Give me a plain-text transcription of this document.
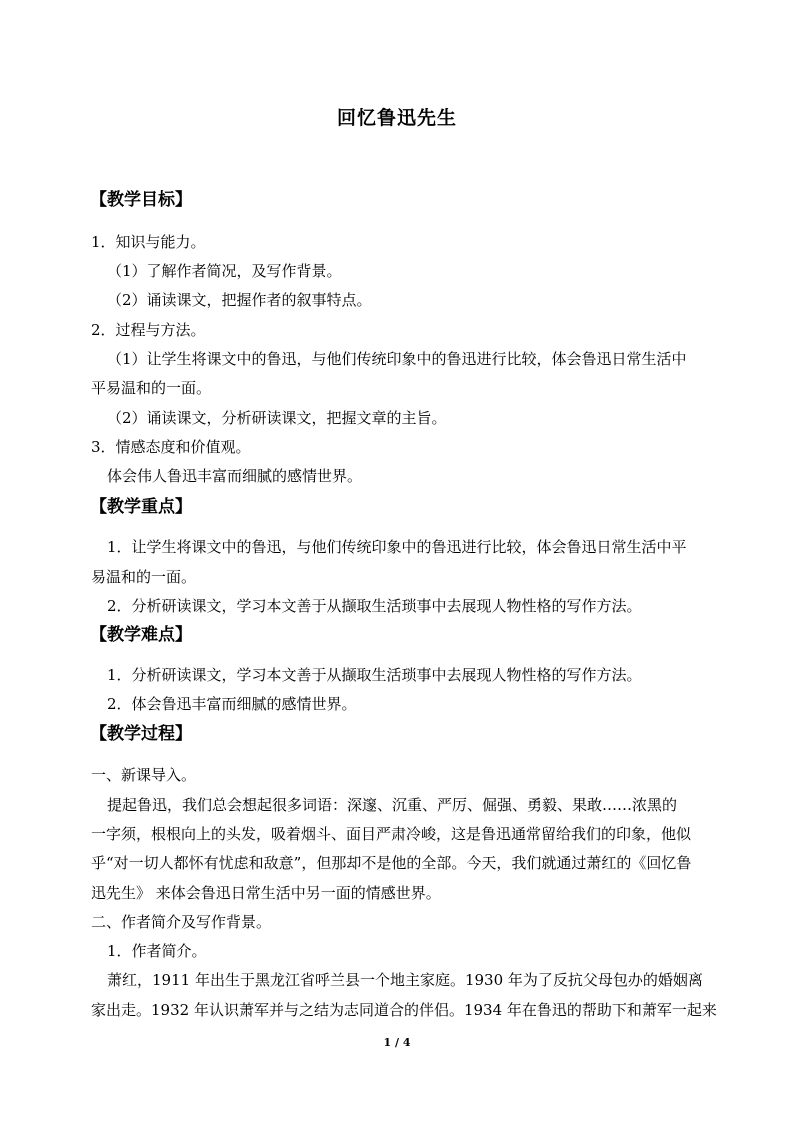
回忆鲁迅先生
【教学目标】
1．知识与能力。
（1）了解作者简况，及写作背景。
（2）诵读课文，把握作者的叙事特点。
2．过程与方法。
（1）让学生将课文中的鲁迅，与他们传统印象中的鲁迅进行比较，体会鲁迅日常生活中
平易温和的一面。
（2）诵读课文，分析研读课文，把握文章的主旨。
3．情感态度和价值观。
体会伟人鲁迅丰富而细腻的感情世界。
【教学重点】
1．让学生将课文中的鲁迅，与他们传统印象中的鲁迅进行比较，体会鲁迅日常生活中平
易温和的一面。
2．分析研读课文，学习本文善于从撷取生活琐事中去展现人物性格的写作方法。
【教学难点】
1．分析研读课文，学习本文善于从撷取生活琐事中去展现人物性格的写作方法。
2．体会鲁迅丰富而细腻的感情世界。
【教学过程】
一、新课导入。
提起鲁迅，我们总会想起很多词语：深邃、沉重、严厉、倔强、勇毅、果敢……浓黑的
一字须，根根向上的头发，吸着烟斗、面目严肃冷峻，这是鲁迅通常留给我们的印象，他似
乎“对一切人都怀有忧虑和敌意”，但那却不是他的全部。今天，我们就通过萧红的《回忆鲁
迅先生》 来体会鲁迅日常生活中另一面的情感世界。
二、作者简介及写作背景。
1．作者简介。
萧红，1911 年出生于黑龙江省呼兰县一个地主家庭。1930 年为了反抗父母包办的婚姻离
家出走。1932 年认识萧军并与之结为志同道合的伴侣。1934 年在鲁迅的帮助下和萧军一起来
1 / 4
